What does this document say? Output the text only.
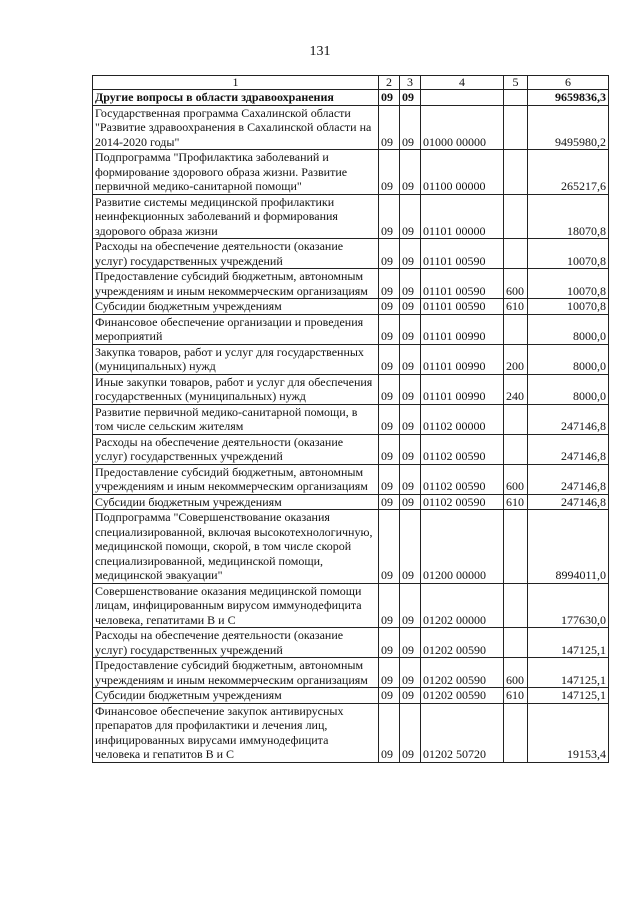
131
1	2	3	4	5	6
Другие вопросы в области здравоохранения	09	09			9659836,3
Государственная программа Сахалинской области "Развитие здравоохранения в Сахалинской области на 2014-2020 годы"	09	09	01000 00000		9495980,2
Подпрограмма "Профилактика заболеваний и формирование здорового образа жизни. Развитие первичной медико-санитарной помощи"	09	09	01100 00000		265217,6
Развитие системы медицинской профилактики неинфекционных заболеваний и формирования здорового образа жизни	09	09	01101 00000		18070,8
Расходы на обеспечение деятельности (оказание услуг) государственных учреждений	09	09	01101 00590		10070,8
Предоставление субсидий бюджетным, автономным учреждениям и иным некоммерческим организациям	09	09	01101 00590	600	10070,8
Субсидии бюджетным учреждениям	09	09	01101 00590	610	10070,8
Финансовое обеспечение организации и проведения мероприятий	09	09	01101 00990		8000,0
Закупка товаров, работ и услуг для государственных (муниципальных) нужд	09	09	01101 00990	200	8000,0
Иные закупки товаров, работ и услуг для обеспечения государственных (муниципальных) нужд	09	09	01101 00990	240	8000,0
Развитие первичной медико-санитарной помощи, в том числе сельским жителям	09	09	01102 00000		247146,8
Расходы на обеспечение деятельности (оказание услуг) государственных учреждений	09	09	01102 00590		247146,8
Предоставление субсидий бюджетным, автономным учреждениям и иным некоммерческим организациям	09	09	01102 00590	600	247146,8
Субсидии бюджетным учреждениям	09	09	01102 00590	610	247146,8
Подпрограмма "Совершенствование оказания специализированной, включая высокотехнологичную, медицинской помощи, скорой, в том числе скорой специализированной, медицинской помощи, медицинской эвакуации"	09	09	01200 00000		8994011,0
Совершенствование оказания медицинской помощи лицам, инфицированным вирусом иммунодефицита человека, гепатитами В и С	09	09	01202 00000		177630,0
Расходы на обеспечение деятельности (оказание услуг) государственных учреждений	09	09	01202 00590		147125,1
Предоставление субсидий бюджетным, автономным учреждениям и иным некоммерческим организациям	09	09	01202 00590	600	147125,1
Субсидии бюджетным учреждениям	09	09	01202 00590	610	147125,1
Финансовое обеспечение закупок антивирусных препаратов для профилактики и лечения лиц, инфицированных вирусами иммунодефицита человека и гепатитов В и С	09	09	01202 50720		19153,4
